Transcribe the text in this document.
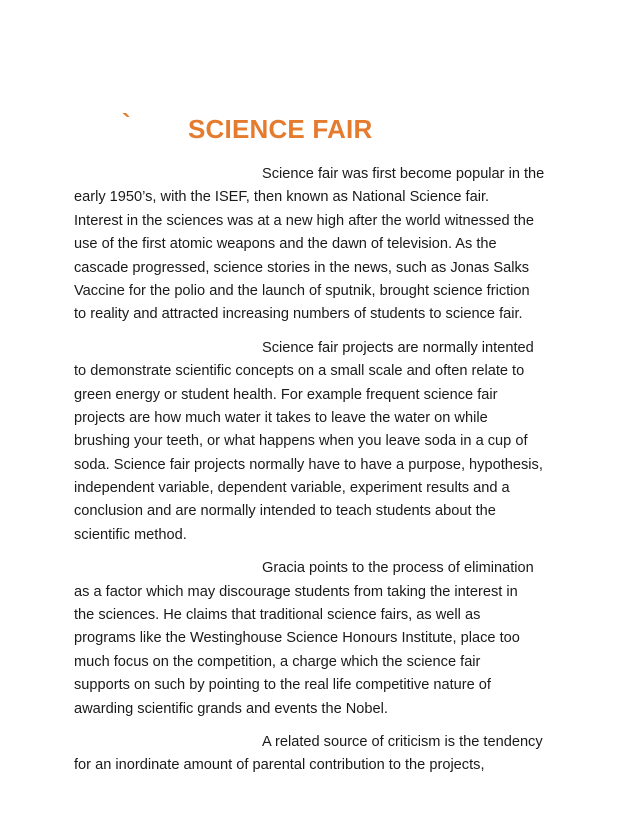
` SCIENCE FAIR
Science fair was first become popular in the
early 1950’s, with the ISEF, then known as National Science fair.
Interest in the sciences was at a new high after the world witnessed the
use of the first atomic weapons and the dawn of television. As the
cascade progressed, science stories in the news, such as Jonas Salks
Vaccine for the polio and the launch of sputnik, brought science friction
to reality and attracted increasing numbers of students to science fair.
Science fair projects are normally intented
to demonstrate scientific concepts on a small scale and often relate to
green energy or student health. For example frequent science fair
projects are how much water it takes to leave the water on while
brushing your teeth, or what happens when you leave soda in a cup of
soda. Science fair projects normally have to have a purpose, hypothesis,
independent variable, dependent variable, experiment results and a
conclusion and are normally intended to teach students about the
scientific method.
Gracia points to the process of elimination
as a factor which may discourage students from taking the interest in
the sciences. He claims that traditional science fairs, as well as
programs like the Westinghouse Science Honours Institute, place too
much focus on the competition, a charge which the science fair
supports on such by pointing to the real life competitive nature of
awarding scientific grands and events the Nobel.
A related source of criticism is the tendency
for an inordinate amount of parental contribution to the projects,
